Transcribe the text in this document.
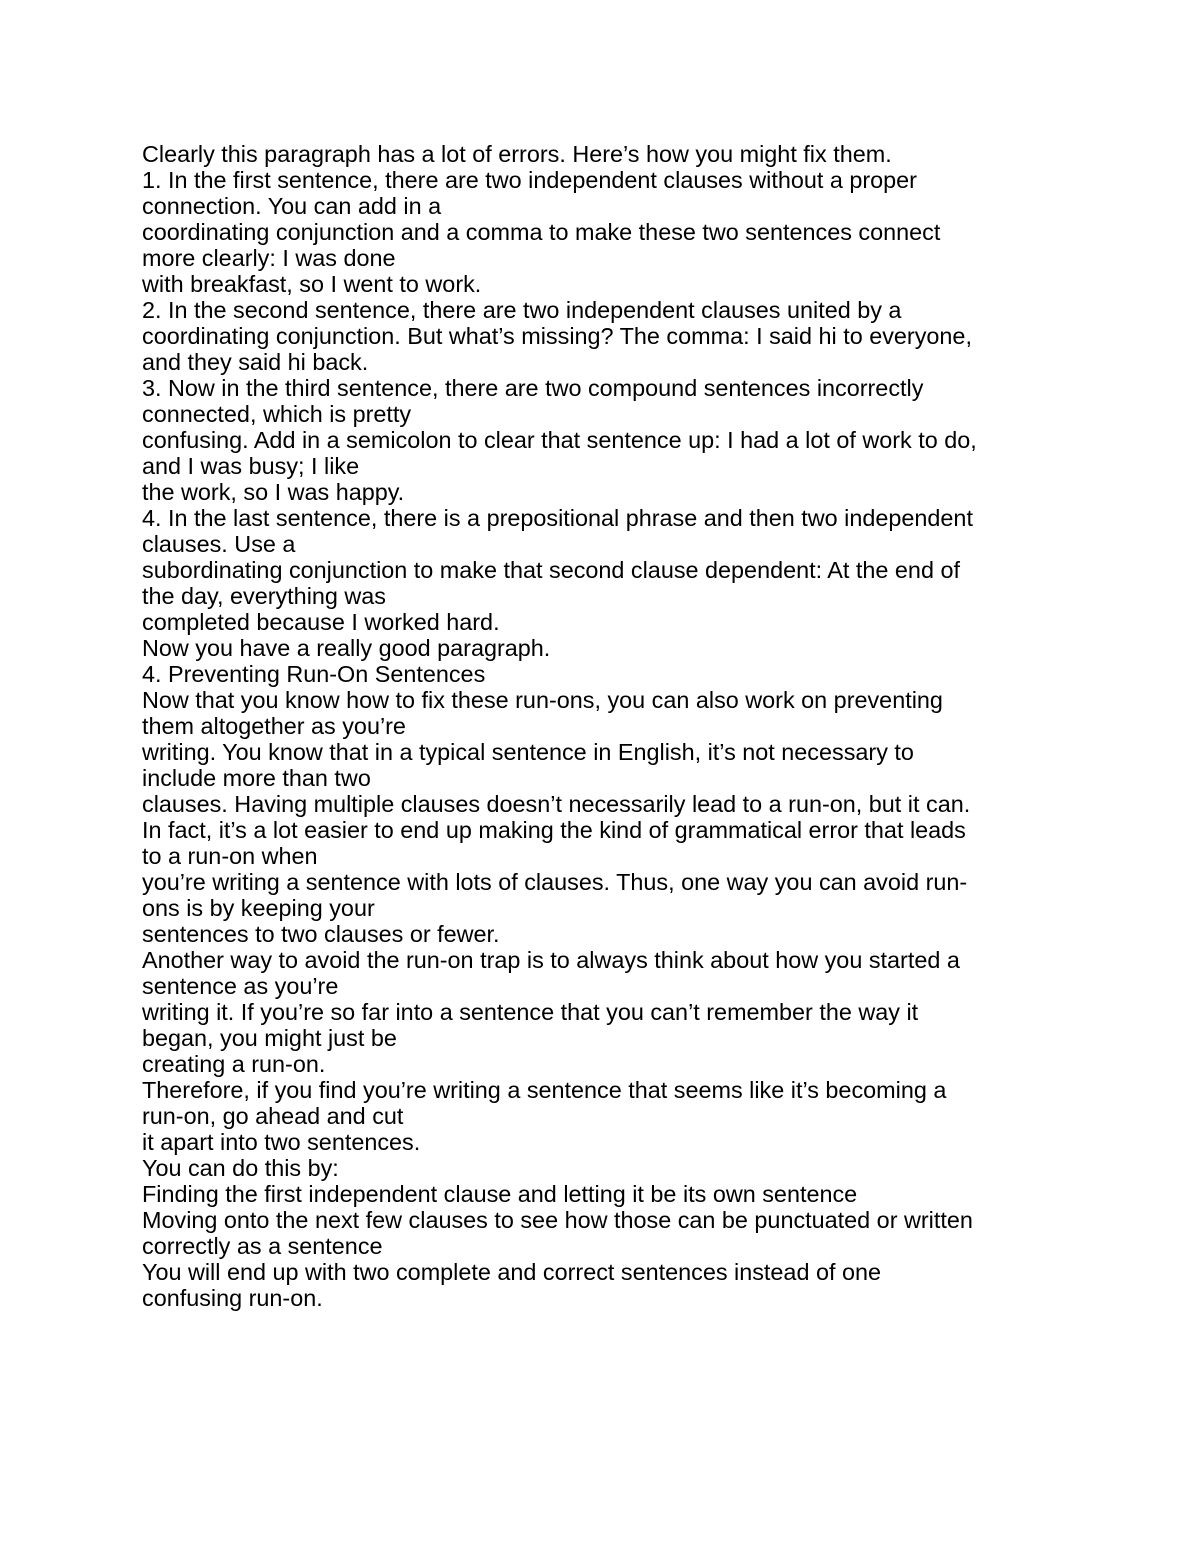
Clearly this paragraph has a lot of errors. Here’s how you might fix them.
1. In the first sentence, there are two independent clauses without a proper
connection. You can add in a
coordinating conjunction and a comma to make these two sentences connect
more clearly: I was done
with breakfast, so I went to work.
2. In the second sentence, there are two independent clauses united by a
coordinating conjunction. But what’s missing? The comma: I said hi to everyone,
and they said hi back.
3. Now in the third sentence, there are two compound sentences incorrectly
connected, which is pretty
confusing. Add in a semicolon to clear that sentence up: I had a lot of work to do,
and I was busy; I like
the work, so I was happy.
4. In the last sentence, there is a prepositional phrase and then two independent
clauses. Use a
subordinating conjunction to make that second clause dependent: At the end of
the day, everything was
completed because I worked hard.
Now you have a really good paragraph.
4. Preventing Run-On Sentences
Now that you know how to fix these run-ons, you can also work on preventing
them altogether as you’re
writing. You know that in a typical sentence in English, it’s not necessary to
include more than two
clauses. Having multiple clauses doesn’t necessarily lead to a run-on, but it can.
In fact, it’s a lot easier to end up making the kind of grammatical error that leads
to a run-on when
you’re writing a sentence with lots of clauses. Thus, one way you can avoid run-
ons is by keeping your
sentences to two clauses or fewer.
Another way to avoid the run-on trap is to always think about how you started a
sentence as you’re
writing it. If you’re so far into a sentence that you can’t remember the way it
began, you might just be
creating a run-on.
Therefore, if you find you’re writing a sentence that seems like it’s becoming a
run-on, go ahead and cut
it apart into two sentences.
You can do this by:
Finding the first independent clause and letting it be its own sentence
Moving onto the next few clauses to see how those can be punctuated or written
correctly as a sentence
You will end up with two complete and correct sentences instead of one
confusing run-on.
